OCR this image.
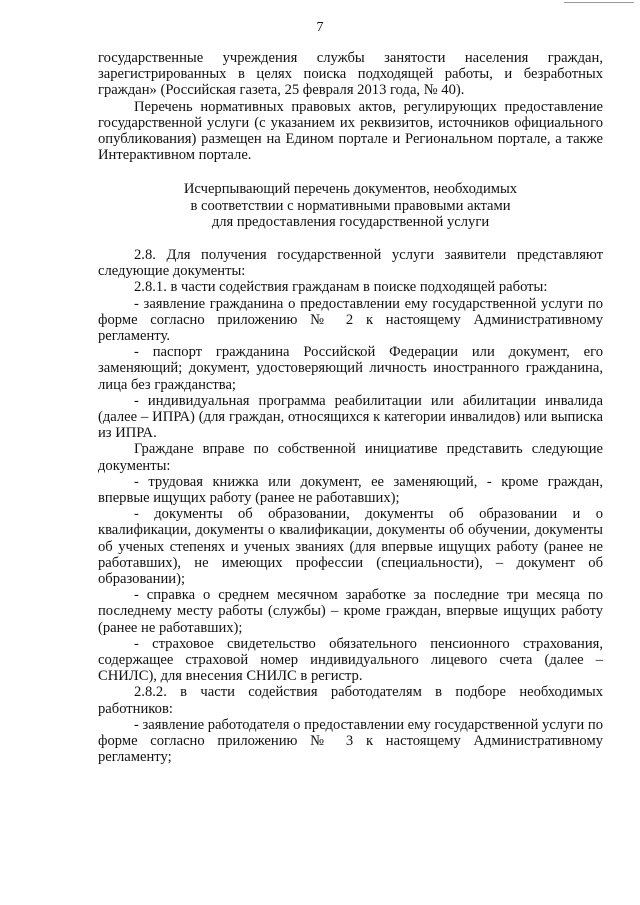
7

государственные учреждения службы занятости населения граждан, зарегистрированных в целях поиска подходящей работы, и безработных граждан» (Российская газета, 25 февраля 2013 года, № 40).

Перечень нормативных правовых актов, регулирующих предоставление государственной услуги (с указанием их реквизитов, источников официального опубликования) размещен на Едином портале и Региональном портале, а также Интерактивном портале.

Исчерпывающий перечень документов, необходимых
в соответствии с нормативными правовыми актами
для предоставления государственной услуги

2.8. Для получения государственной услуги заявители представляют следующие документы:

2.8.1. в части содействия гражданам в поиске подходящей работы:

- заявление гражданина о предоставлении ему государственной услуги по форме согласно приложению № 2 к настоящему Административному регламенту.

- паспорт гражданина Российской Федерации или документ, его заменяющий; документ, удостоверяющий личность иностранного гражданина, лица без гражданства;

- индивидуальная программа реабилитации или абилитации инвалида (далее – ИПРА) (для граждан, относящихся к категории инвалидов) или выписка из ИПРА.

Граждане вправе по собственной инициативе представить следующие документы:

- трудовая книжка или документ, ее заменяющий, - кроме граждан, впервые ищущих работу (ранее не работавших);

- документы об образовании, документы об образовании и о квалификации, документы о квалификации, документы об обучении, документы об ученых степенях и ученых званиях (для впервые ищущих работу (ранее не работавших), не имеющих профессии (специальности), – документ об образовании);

- справка о среднем месячном заработке за последние три месяца по последнему месту работы (службы) – кроме граждан, впервые ищущих работу (ранее не работавших);

- страховое свидетельство обязательного пенсионного страхования, содержащее страховой номер индивидуального лицевого счета (далее – СНИЛС), для внесения СНИЛС в регистр.

2.8.2. в части содействия работодателям в подборе необходимых работников:

- заявление работодателя о предоставлении ему государственной услуги по форме согласно приложению № 3 к настоящему Административному регламенту;
